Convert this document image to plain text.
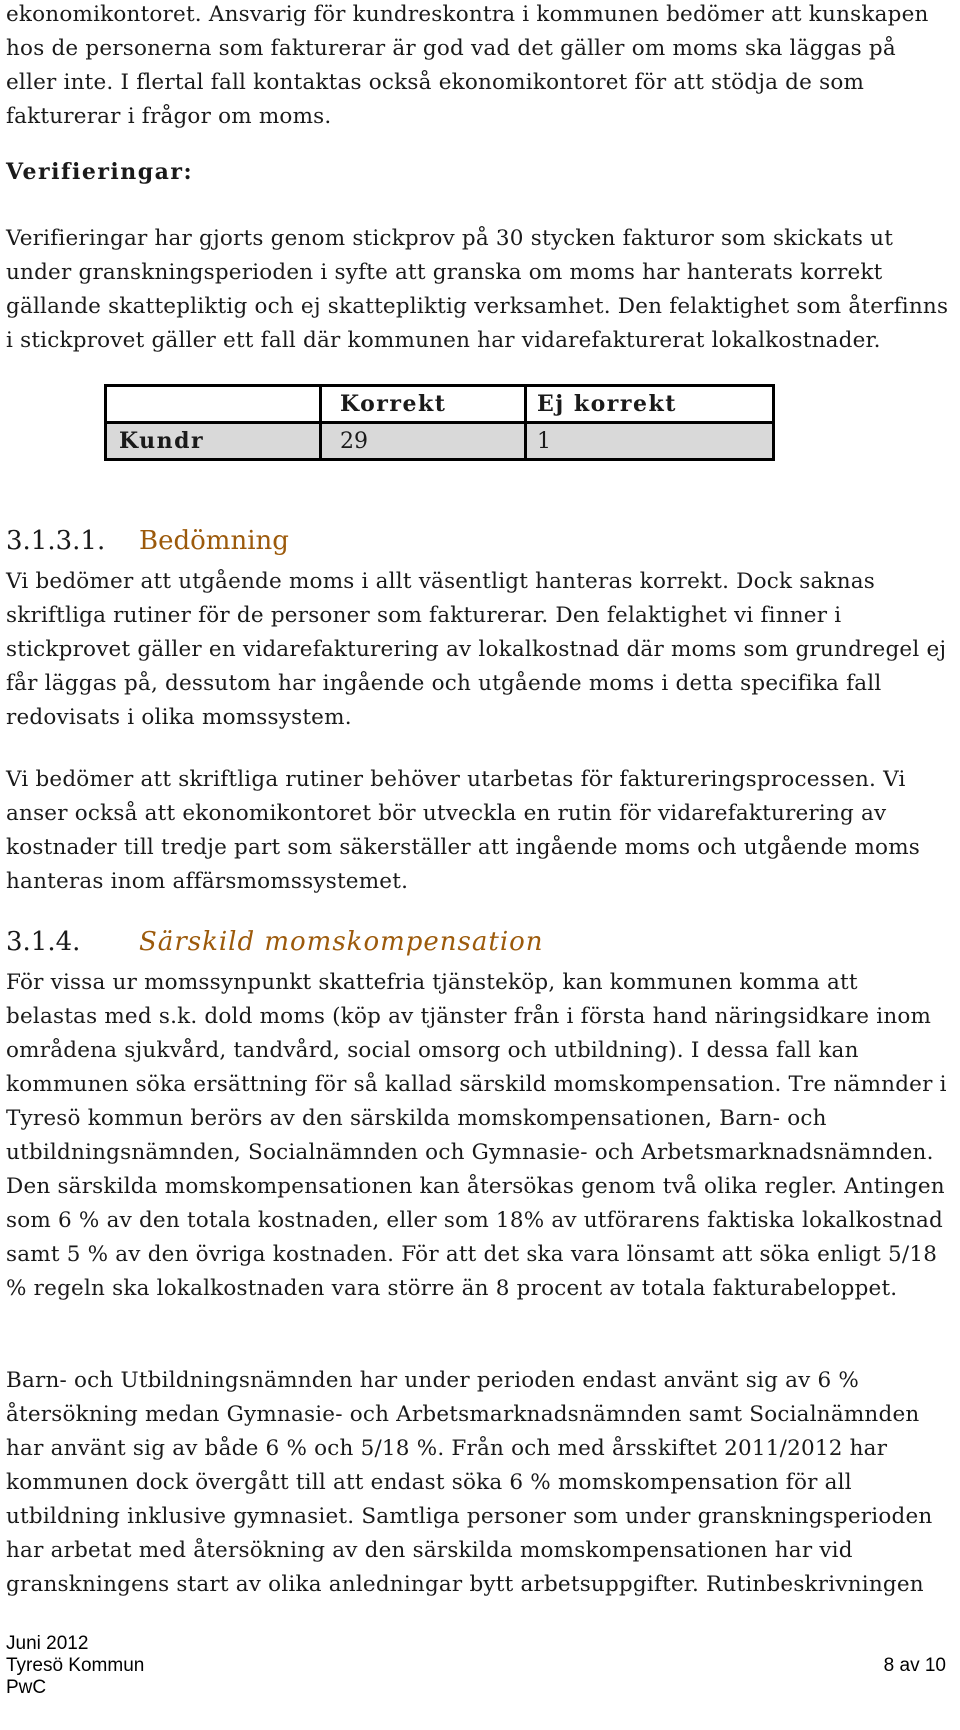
ekonomikontoret. Ansvarig för kundreskontra i kommunen bedömer att kunskapen hos de personerna som fakturerar är god vad det gäller om moms ska läggas på eller inte. I flertal fall kontaktas också ekonomikontoret för att stödja de som fakturerar i frågor om moms.

Verifieringar:

Verifieringar har gjorts genom stickprov på 30 stycken fakturor som skickats ut under granskningsperioden i syfte att granska om moms har hanterats korrekt gällande skattepliktig och ej skattepliktig verksamhet. Den felaktighet som återfinns i stickprovet gäller ett fall där kommunen har vidarefakturerat lokalkostnader.

	Korrekt	Ej korrekt
Kundr	29	1
3.1.3.1. Bedömning

Vi bedömer att utgående moms i allt väsentligt hanteras korrekt. Dock saknas skriftliga rutiner för de personer som fakturerar. Den felaktighet vi finner i stickprovet gäller en vidarefakturering av lokalkostnad där moms som grundregel ej får läggas på, dessutom har ingående och utgående moms i detta specifika fall redovisats i olika momssystem.

Vi bedömer att skriftliga rutiner behöver utarbetas för faktureringsprocessen. Vi anser också att ekonomikontoret bör utveckla en rutin för vidarefakturering av kostnader till tredje part som säkerställer att ingående moms och utgående moms hanteras inom affärsmomssystemet.

3.1.4. Särskild momskompensation

För vissa ur momssynpunkt skattefria tjänsteköp, kan kommunen komma att belastas med s.k. dold moms (köp av tjänster från i första hand näringsidkare inom områdena sjukvård, tandvård, social omsorg och utbildning). I dessa fall kan kommunen söka ersättning för så kallad särskild momskompensation. Tre nämnder i Tyresö kommun berörs av den särskilda momskompensationen, Barn- och utbildningsnämnden, Socialnämnden och Gymnasie- och Arbetsmarknadsnämnden. Den särskilda momskompensationen kan återsökas genom två olika regler. Antingen som 6 % av den totala kostnaden, eller som 18% av utförarens faktiska lokalkostnad samt 5 % av den övriga kostnaden. För att det ska vara lönsamt att söka enligt 5/18 % regeln ska lokalkostnaden vara större än 8 procent av totala fakturabeloppet.

Barn- och Utbildningsnämnden har under perioden endast använt sig av 6 % återsökning medan Gymnasie- och Arbetsmarknadsnämnden samt Socialnämnden har använt sig av både 6 % och 5/18 %. Från och med årsskiftet 2011/2012 har kommunen dock övergått till att endast söka 6 % momskompensation för all utbildning inklusive gymnasiet. Samtliga personer som under granskningsperioden har arbetat med återsökning av den särskilda momskompensationen har vid granskningens start av olika anledningar bytt arbetsuppgifter. Rutinbeskrivningen

Juni 2012
Tyresö Kommun
PwC
8 av 10
